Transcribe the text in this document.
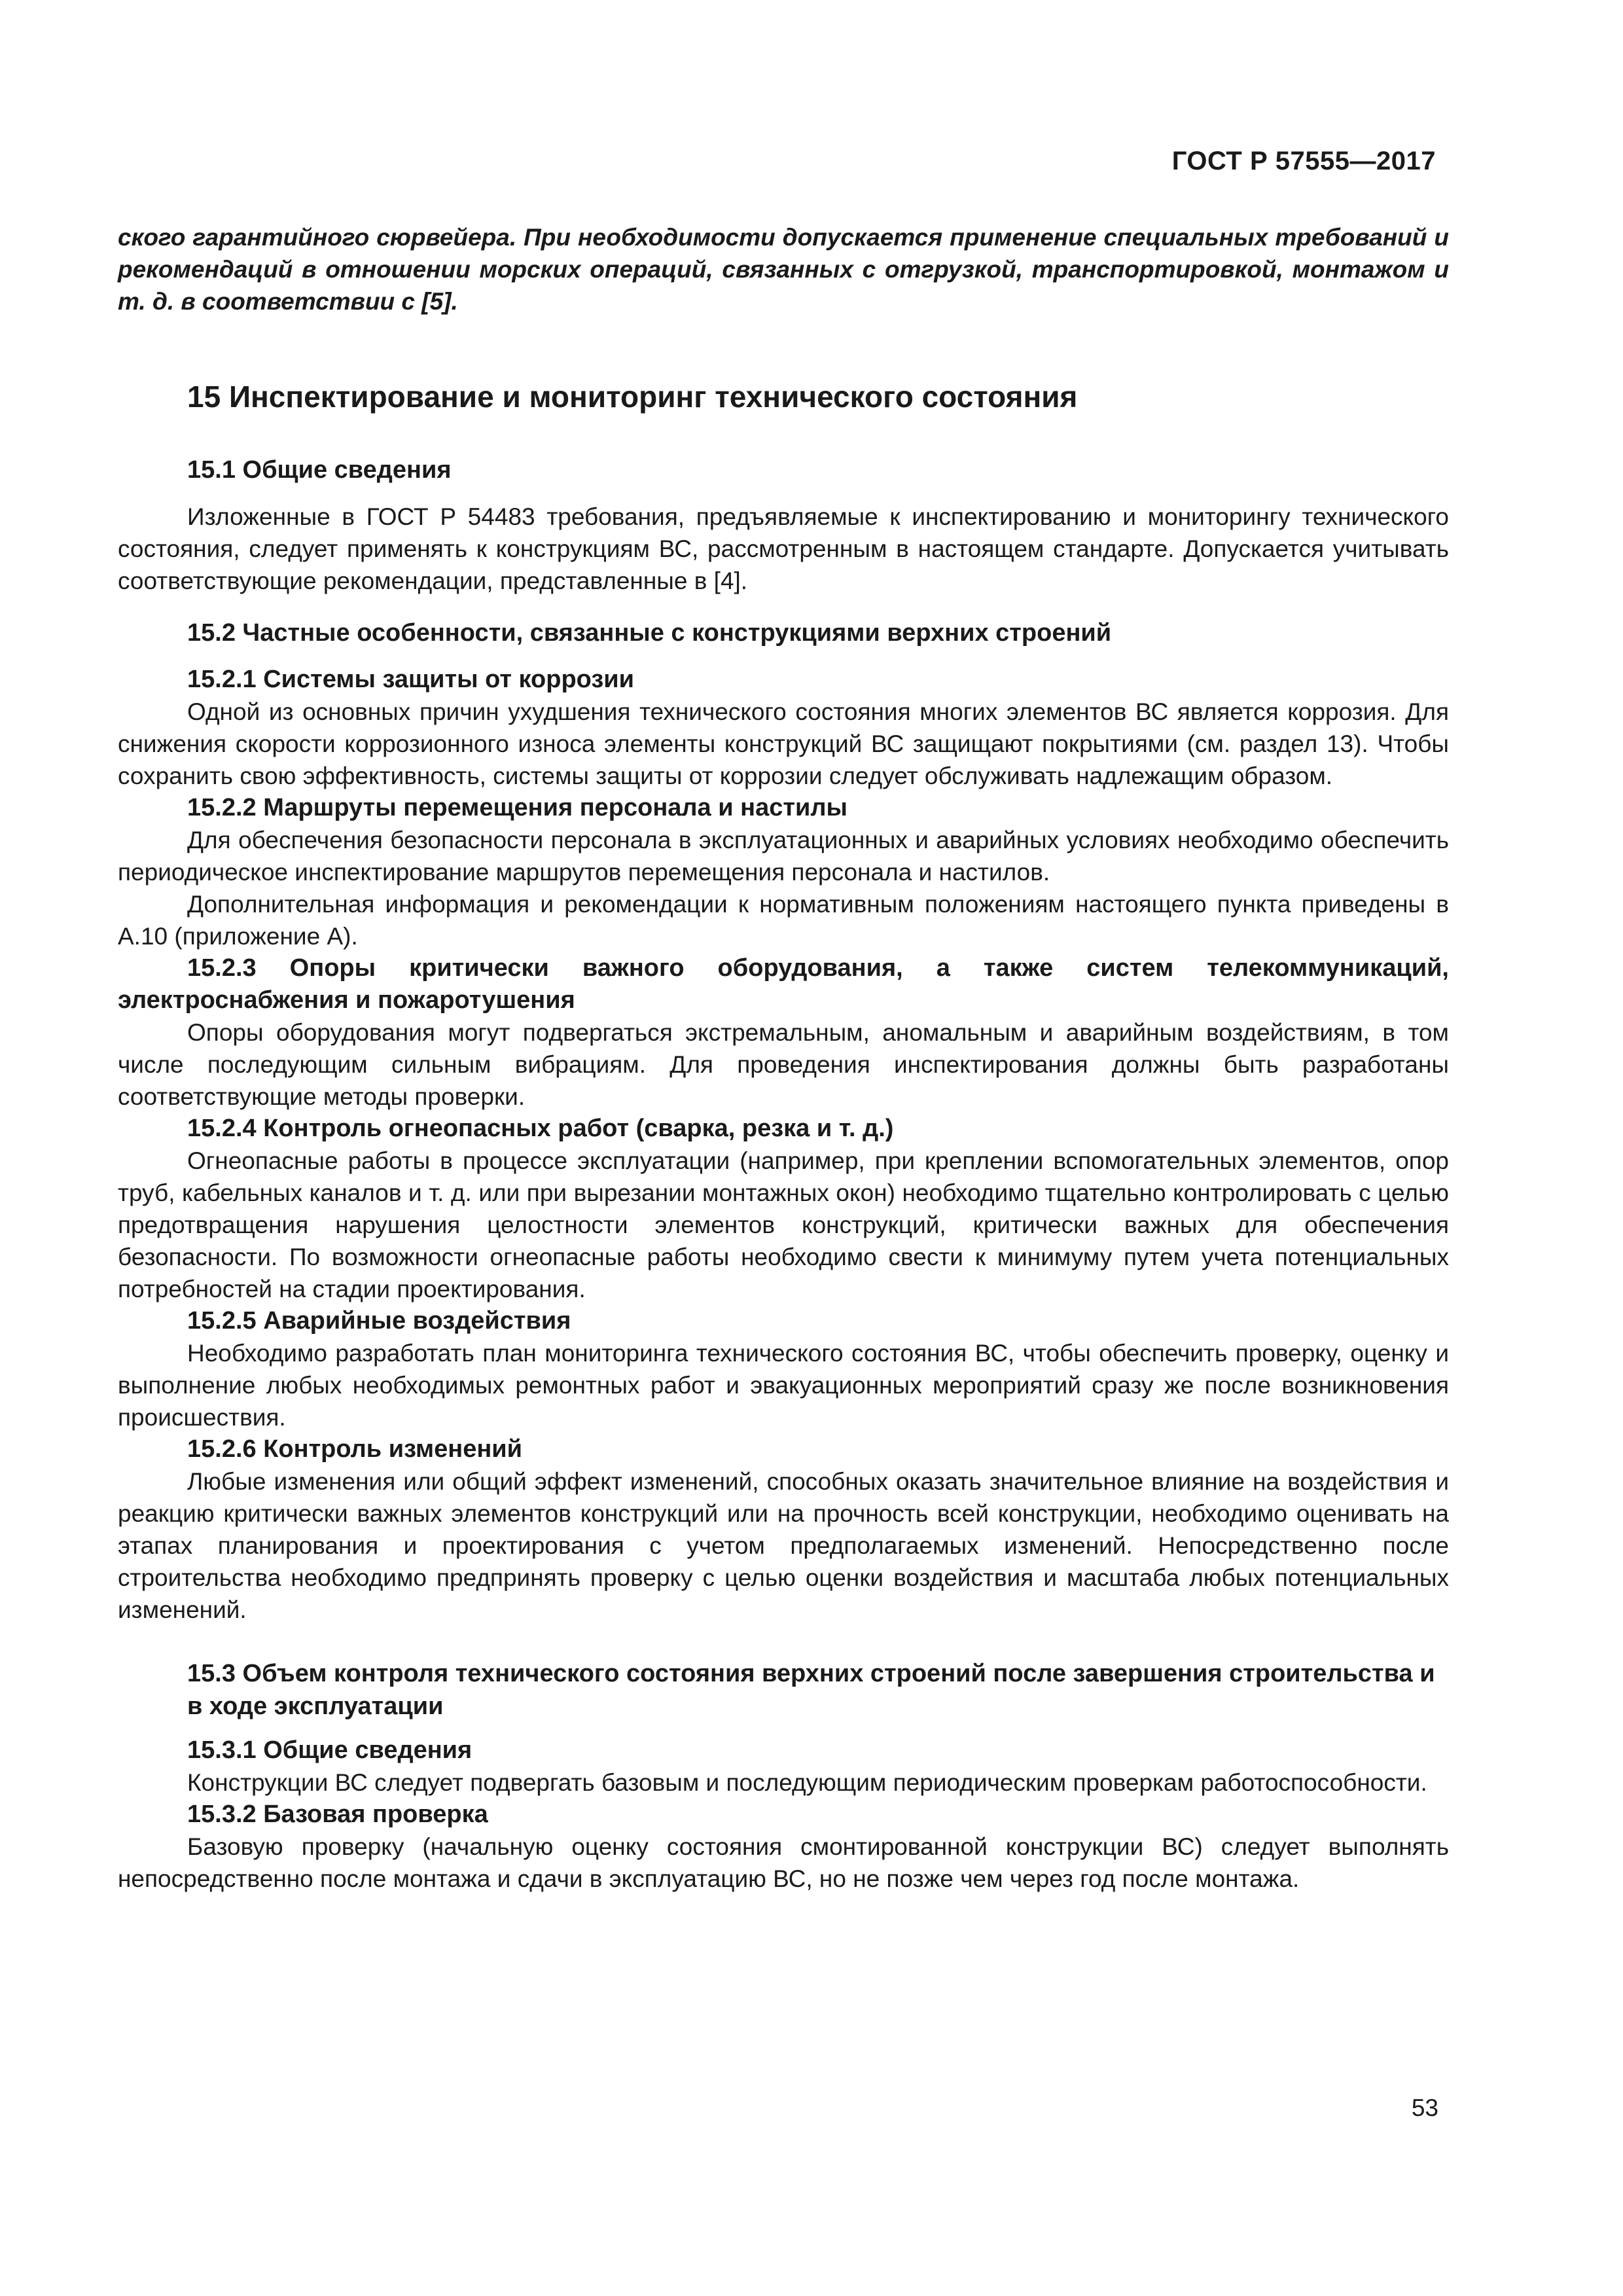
ГОСТ Р 57555—2017

ского гарантийного сюрвейера. При необходимости допускается применение специальных требований и рекомендаций в отношении морских операций, связанных с отгрузкой, транспортировкой, монтажом и т. д. в соответствии с [5].

15 Инспектирование и мониторинг технического состояния
15.1 Общие сведения

Изложенные в ГОСТ Р 54483 требования, предъявляемые к инспектированию и мониторингу технического состояния, следует применять к конструкциям ВС, рассмотренным в настоящем стандарте. Допускается учитывать соответствующие рекомендации, представленные в [4].

15.2 Частные особенности, связанные с конструкциями верхних строений
15.2.1 Системы защиты от коррозии

Одной из основных причин ухудшения технического состояния многих элементов ВС является коррозия. Для снижения скорости коррозионного износа элементы конструкций ВС защищают покрытиями (см. раздел 13). Чтобы сохранить свою эффективность, системы защиты от коррозии следует обслуживать надлежащим образом.

15.2.2 Маршруты перемещения персонала и настилы

Для обеспечения безопасности персонала в эксплуатационных и аварийных условиях необходимо обеспечить периодическое инспектирование маршрутов перемещения персонала и настилов.

Дополнительная информация и рекомендации к нормативным положениям настоящего пункта приведены в А.10 (приложение А).

15.2.3 Опоры критически важного оборудования, а также систем телекоммуникаций, электроснабжения и пожаротушения

Опоры оборудования могут подвергаться экстремальным, аномальным и аварийным воздействиям, в том числе последующим сильным вибрациям. Для проведения инспектирования должны быть разработаны соответствующие методы проверки.

15.2.4 Контроль огнеопасных работ (сварка, резка и т. д.)

Огнеопасные работы в процессе эксплуатации (например, при креплении вспомогательных элементов, опор труб, кабельных каналов и т. д. или при вырезании монтажных окон) необходимо тщательно контролировать с целью предотвращения нарушения целостности элементов конструкций, критически важных для обеспечения безопасности. По возможности огнеопасные работы необходимо свести к минимуму путем учета потенциальных потребностей на стадии проектирования.

15.2.5 Аварийные воздействия

Необходимо разработать план мониторинга технического состояния ВС, чтобы обеспечить проверку, оценку и выполнение любых необходимых ремонтных работ и эвакуационных мероприятий сразу же после возникновения происшествия.

15.2.6 Контроль изменений

Любые изменения или общий эффект изменений, способных оказать значительное влияние на воздействия и реакцию критически важных элементов конструкций или на прочность всей конструкции, необходимо оценивать на этапах планирования и проектирования с учетом предполагаемых изменений. Непосредственно после строительства необходимо предпринять проверку с целью оценки воздействия и масштаба любых потенциальных изменений.

15.3 Объем контроля технического состояния верхних строений после завершения строительства и в ходе эксплуатации
15.3.1 Общие сведения

Конструкции ВС следует подвергать базовым и последующим периодическим проверкам работоспособности.

15.3.2 Базовая проверка

Базовую проверку (начальную оценку состояния смонтированной конструкции ВС) следует выполнять непосредственно после монтажа и сдачи в эксплуатацию ВС, но не позже чем через год после монтажа.

53
